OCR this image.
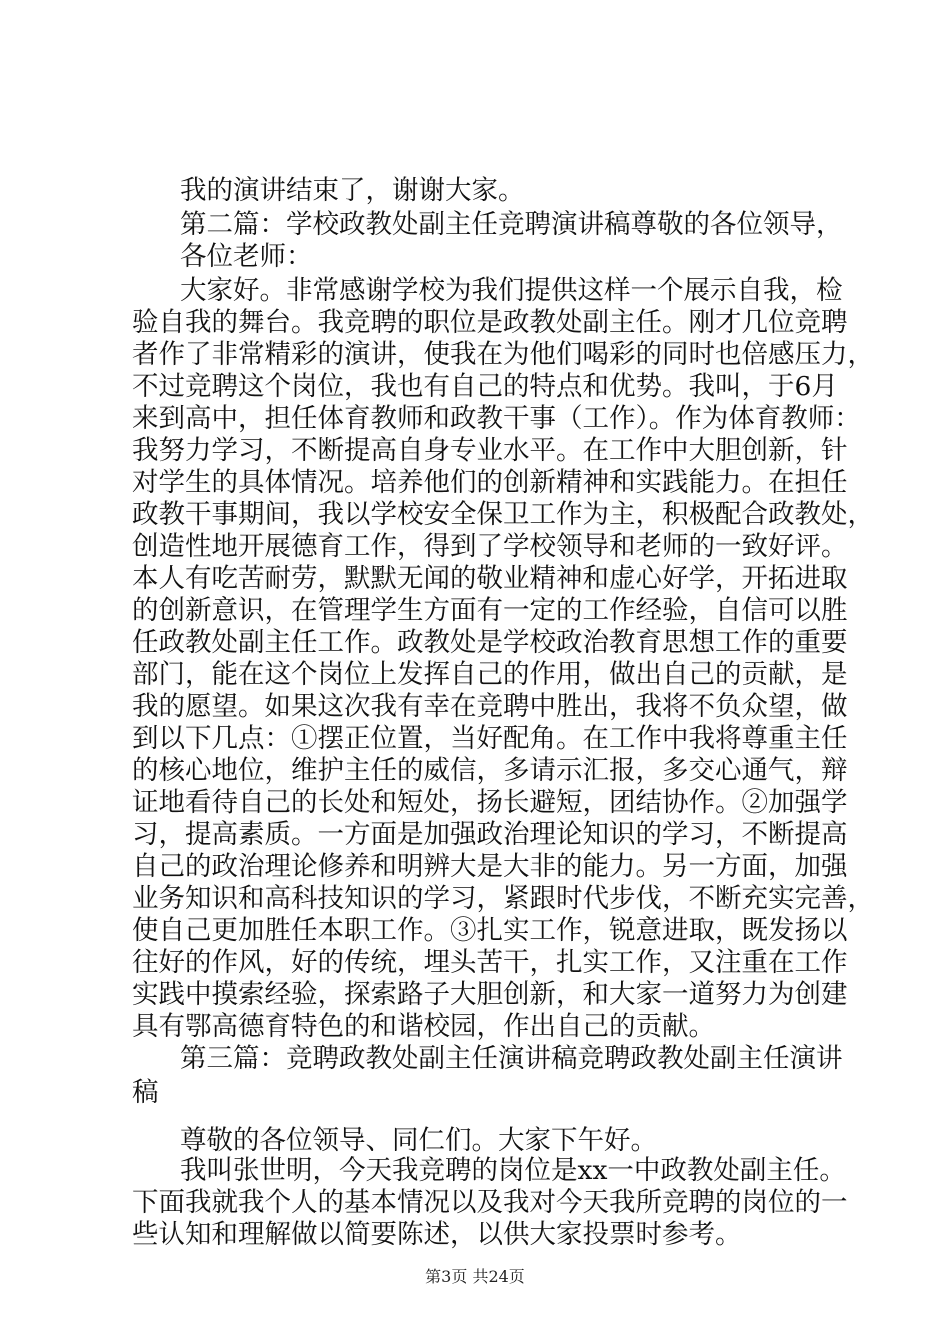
我的演讲结束了，谢谢大家。
第二篇：学校政教处副主任竞聘演讲稿尊敬的各位领导，
各位老师：
大家好。非常感谢学校为我们提供这样一个展示自我，检
验自我的舞台。我竞聘的职位是政教处副主任。刚才几位竞聘
者作了非常精彩的演讲，使我在为他们喝彩的同时也倍感压力，
不过竞聘这个岗位，我也有自己的特点和优势。我叫，于6月
来到高中，担任体育教师和政教干事（工作）。作为体育教师：
我努力学习，不断提高自身专业水平。在工作中大胆创新，针
对学生的具体情况。培养他们的创新精神和实践能力。在担任
政教干事期间，我以学校安全保卫工作为主，积极配合政教处，
创造性地开展德育工作，得到了学校领导和老师的一致好评。
本人有吃苦耐劳，默默无闻的敬业精神和虚心好学，开拓进取
的创新意识，在管理学生方面有一定的工作经验，自信可以胜
任政教处副主任工作。政教处是学校政治教育思想工作的重要
部门，能在这个岗位上发挥自己的作用，做出自己的贡献，是
我的愿望。如果这次我有幸在竞聘中胜出，我将不负众望，做
到以下几点：①摆正位置，当好配角。在工作中我将尊重主任
的核心地位，维护主任的威信，多请示汇报，多交心通气，辩
证地看待自己的长处和短处，扬长避短，团结协作。②加强学
习，提高素质。一方面是加强政治理论知识的学习，不断提高
自己的政治理论修养和明辨大是大非的能力。另一方面，加强
业务知识和高科技知识的学习，紧跟时代步伐，不断充实完善，
使自己更加胜任本职工作。③扎实工作，锐意进取，既发扬以
往好的作风，好的传统，埋头苦干，扎实工作，又注重在工作
实践中摸索经验，探索路子大胆创新，和大家一道努力为创建
具有鄂高德育特色的和谐校园，作出自己的贡献。
第三篇：竞聘政教处副主任演讲稿竞聘政教处副主任演讲
稿
尊敬的各位领导、同仁们。大家下午好。
我叫张世明，今天我竞聘的岗位是xx一中政教处副主任。
下面我就我个人的基本情况以及我对今天我所竞聘的岗位的一
些认知和理解做以简要陈述，以供大家投票时参考。
第3页 共24页
